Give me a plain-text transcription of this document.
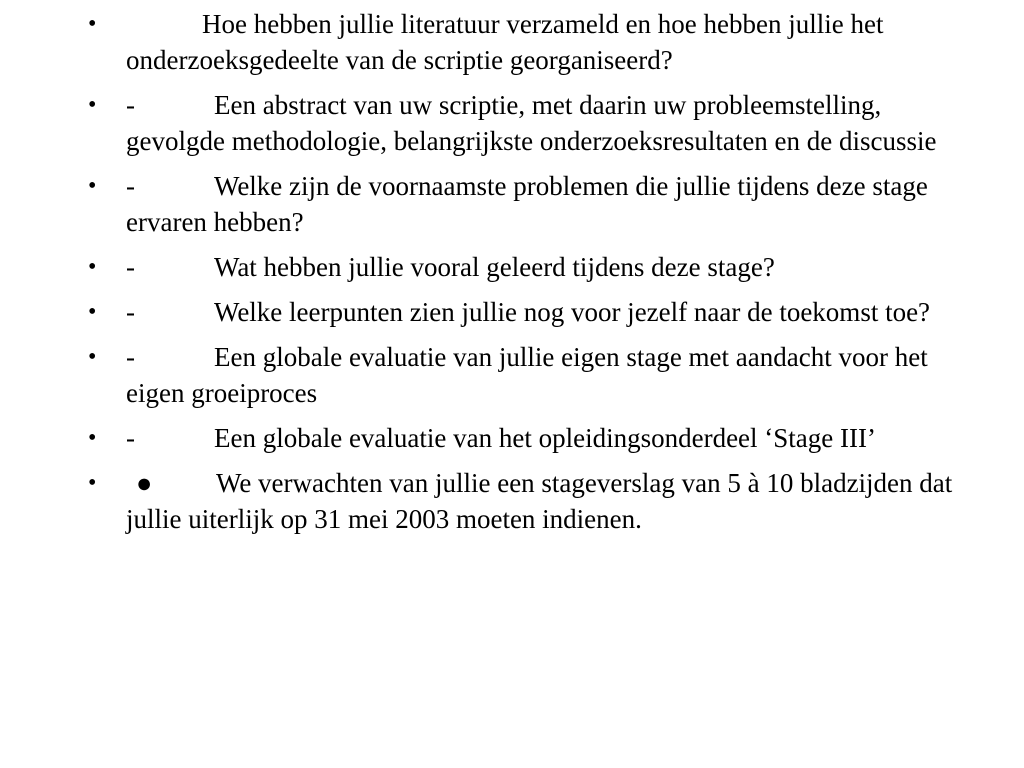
•	Hoe hebben jullie literatuur verzameld en hoe hebben jullie het onderzoeksgedeelte van de scriptie georganiseerd?
• -	Een abstract van uw scriptie, met daarin uw probleemstelling, gevolgde methodologie, belangrijkste onderzoeksresultaten en de discussie
• -	Welke zijn de voornaamste problemen die jullie tijdens deze stage ervaren hebben?
• -	Wat hebben jullie vooral geleerd tijdens deze stage?
• -	Welke leerpunten zien jullie nog voor jezelf naar de toekomst toe?
• -	Een globale evaluatie van jullie eigen stage met aandacht voor het eigen groeiproces
• -	Een globale evaluatie van het opleidingsonderdeel ‘Stage III’
• ● We verwachten van jullie een stageverslag van 5 à 10 bladzijden dat jullie uiterlijk op 31 mei 2003 moeten indienen.
